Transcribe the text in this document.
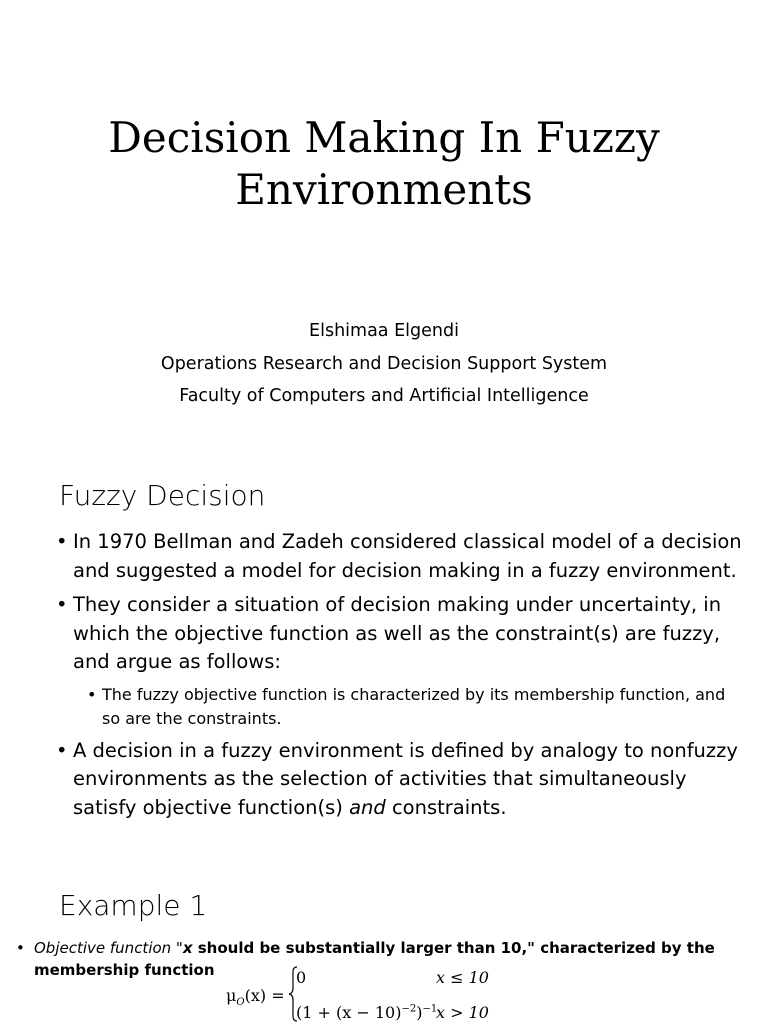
Decision Making In Fuzzy Environments
Elshimaa Elgendi
Operations Research and Decision Support System
Faculty of Computers and Artificial Intelligence
Fuzzy Decision
• In 1970 Bellman and Zadeh considered classical model of a decision and suggested a model for decision making in a fuzzy environment.
• They consider a situation of decision making under uncertainty, in which the objective function as well as the constraint(s) are fuzzy, and argue as follows:
• The fuzzy objective function is characterized by its membership function, and so are the constraints.
• A decision in a fuzzy environment is defined by analogy to nonfuzzy environments as the selection of activities that simultaneously satisfy objective function(s) and constraints.
Example 1
• Objective function "x should be substantially larger than 10," characterized by the membership function
$\mu_O(x)$ =
0	x ≤ 10
$(1 + (x - 10)^{-2})^{-1}$
x > 10
